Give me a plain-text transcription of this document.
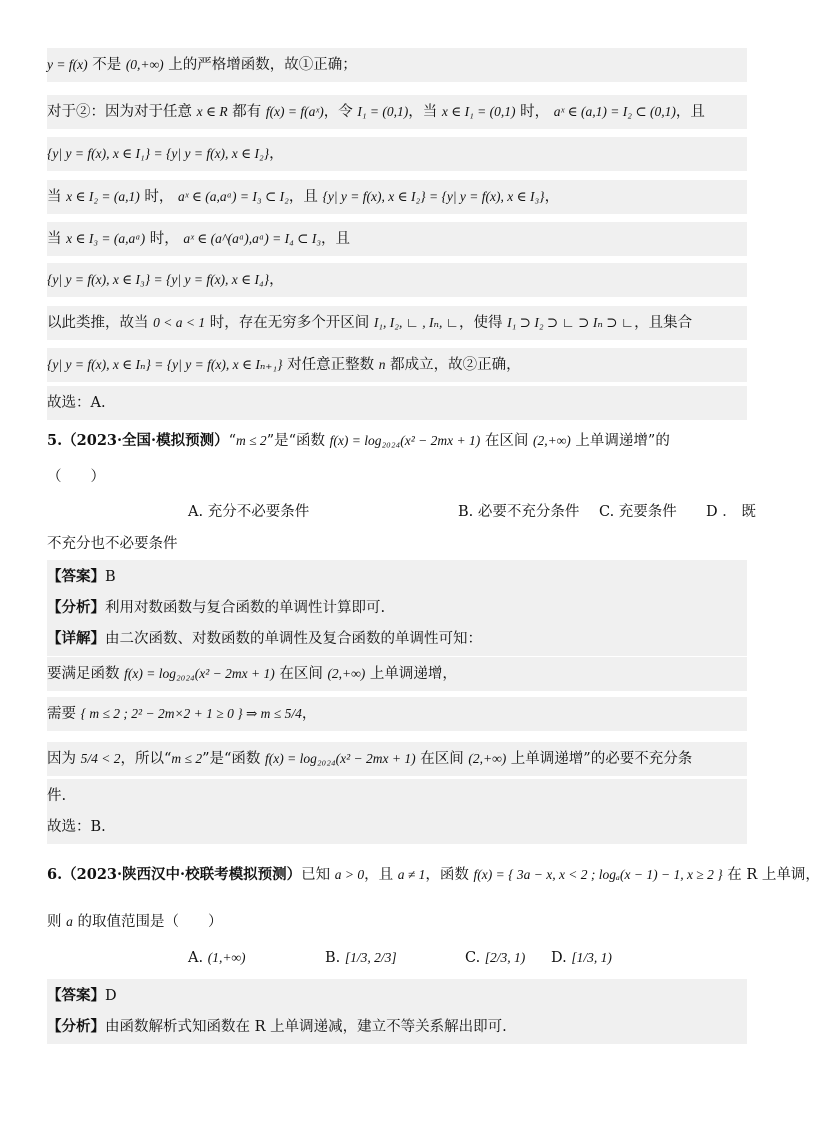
y = f(x) 不是 (0,+∞) 上的严格增函数，故①正确；
对于②：因为对于任意 x ∈ R 都有 f(x) = f(aˣ)，令 I₁ = (0,1)，当 x ∈ I₁ = (0,1) 时， aˣ ∈ (a,1) = I₂ ⊂ (0,1)，且
{y| y = f(x), x ∈ I₁} = {y| y = f(x), x ∈ I₂}，
当 x ∈ I₂ = (a,1) 时， aˣ ∈ (a,aᵃ) = I₃ ⊂ I₂，且 {y| y = f(x), x ∈ I₂} = {y| y = f(x), x ∈ I₃}，
当 x ∈ I₃ = (a,aᵃ) 时， aˣ ∈ (a^(aᵃ),aᵃ) = I₄ ⊂ I₃，且
{y| y = f(x), x ∈ I₃} = {y| y = f(x), x ∈ I₄}，
以此类推，故当 0 < a < 1 时，存在无穷多个开区间 I₁, I₂, ∟ , Iₙ, ∟，使得 I₁ ⊃ I₂ ⊃ ∟ ⊃ Iₙ ⊃ ∟，且集合
{y| y = f(x), x ∈ Iₙ} = {y| y = f(x), x ∈ Iₙ₊₁} 对任意正整数 n 都成立，故②正确，
故选：A.
5.（2023·全国·模拟预测）“m ≤ 2”是“函数 f(x) = log₂₀₂₄(x² − 2mx + 1) 在区间 (2,+∞) 上单调递增”的
（　　）
不充分也不必要条件
【答案】B
【分析】利用对数函数与复合函数的单调性计算即可.
【详解】由二次函数、对数函数的单调性及复合函数的单调性可知：
要满足函数 f(x) = log₂₀₂₄(x² − 2mx + 1) 在区间 (2,+∞) 上单调递增，
需要 { m ≤ 2 ; 2² − 2m×2 + 1 ≥ 0 } ⇒ m ≤ 5/4，
因为 5/4 < 2，所以“m ≤ 2”是“函数 f(x) = log₂₀₂₄(x² − 2mx + 1) 在区间 (2,+∞) 上单调递增”的必要不充分条
件.
故选：B.
6.（2023·陕西汉中·校联考模拟预测）已知 a > 0，且 a ≠ 1，函数 f(x) = { 3a − x, x < 2 ; logₐ(x − 1) − 1, x ≥ 2 } 在 R 上单调，
则 a 的取值范围是（　　）
【答案】D
【分析】由函数解析式知函数在 R 上单调递减，建立不等关系解出即可.
A. 充分不必要条件	B. 必要不充分条件 C. 充要条件 D ． 既
A. (1,+∞)	B. [1/3, 2/3]	C. [2/3, 1) D. [1/3, 1)
